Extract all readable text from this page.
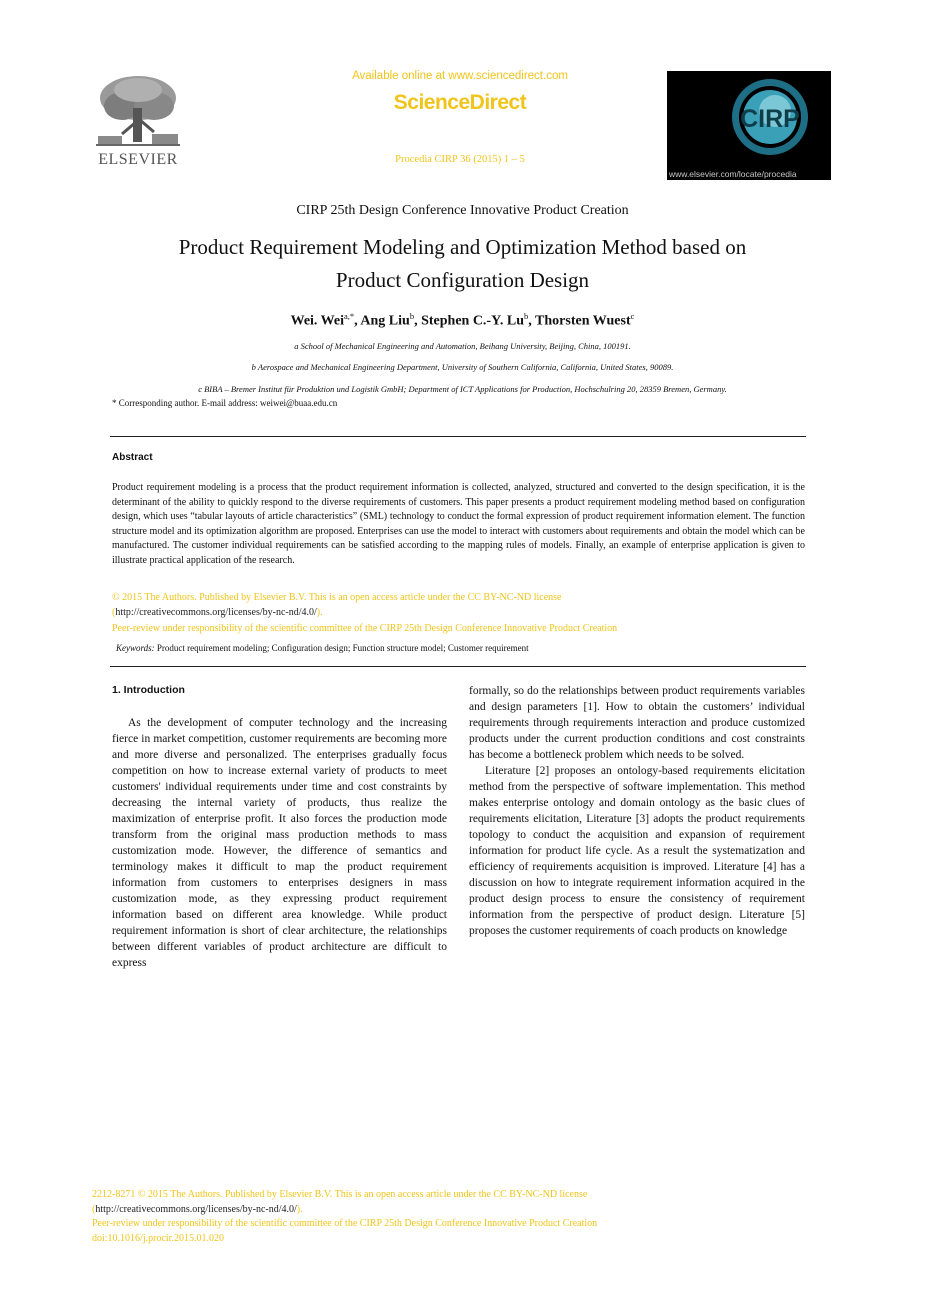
ELSEVIER
Available online at www.sciencedirect.com
ScienceDirect
Procedia CIRP 36 (2015) 1 – 5
CIRP
www.elsevier.com/locate/procedia
CIRP 25th Design Conference Innovative Product Creation
Product Requirement Modeling and Optimization Method based on
Product Configuration Design
Wei. Wei$^{a,*}$, Ang Liu$^b$, Stephen C.-Y. Lu$^b$, Thorsten Wuest$^c$
a School of Mechanical Engineering and Automation, Beihang University, Beijing, China, 100191.
b Aerospace and Mechanical Engineering Department, University of Southern California, California, United States, 90089.
c BIBA – Bremer Institut für Produktion und Logistik GmbH; Department of ICT Applications for Production, Hochschulring 20, 28359 Bremen, Germany.
* Corresponding author. E-mail address: weiwei@buaa.edu.cn
Abstract
Product requirement modeling is a process that the product requirement information is collected, analyzed, structured and converted to the design specification, it is the determinant of the ability to quickly respond to the diverse requirements of customers. This paper presents a product requirement modeling method based on configuration design, which uses “tabular layouts of article characteristics” (SML) technology to conduct the formal expression of product requirement information element. The function structure model and its optimization algorithm are proposed. Enterprises can use the model to interact with customers about requirements and obtain the model which can be manufactured. The customer individual requirements can be satisfied according to the mapping rules of models. Finally, an example of enterprise application is given to illustrate practical application of the research.
© 2015 The Authors. Published by Elsevier B.V. This is an open access article under the CC BY-NC-ND license
(http://creativecommons.org/licenses/by-nc-nd/4.0/).
Peer-review under responsibility of the scientific committee of the CIRP 25th Design Conference Innovative Product Creation
Keywords: Product requirement modeling; Configuration design; Function structure model; Customer requirement
1. Introduction

As the development of computer technology and the increasing fierce in market competition, customer requirements are becoming more and more diverse and personalized. The enterprises gradually focus competition on how to increase external variety of products to meet customers' individual requirements under time and cost constraints by decreasing the internal variety of products, thus realize the maximization of enterprise profit. It also forces the production mode transform from the original mass production methods to mass customization mode. However, the difference of semantics and terminology makes it difficult to map the product requirement information from customers to enterprises designers in mass customization mode, as they expressing product requirement information based on different area knowledge. While product requirement information is short of clear architecture, the relationships between different variables of product architecture are difficult to express

formally, so do the relationships between product requirements variables and design parameters [1]. How to obtain the customers’ individual requirements through requirements interaction and produce customized products under the current production conditions and cost constraints has become a bottleneck problem which needs to be solved.

Literature [2] proposes an ontology-based requirements elicitation method from the perspective of software implementation. This method makes enterprise ontology and domain ontology as the basic clues of requirements elicitation, Literature [3] adopts the product requirements topology to conduct the acquisition and expansion of requirement information for product life cycle. As a result the systematization and efficiency of requirements acquisition is improved. Literature [4] has a discussion on how to integrate requirement information acquired in the product design process to ensure the consistency of requirement information from the perspective of product design. Literature [5] proposes the customer requirements of coach products on knowledge

2212-8271 © 2015 The Authors. Published by Elsevier B.V. This is an open access article under the CC BY-NC-ND license
(http://creativecommons.org/licenses/by-nc-nd/4.0/).
Peer-review under responsibility of the scientific committee of the CIRP 25th Design Conference Innovative Product Creation
doi:10.1016/j.procir.2015.01.020
